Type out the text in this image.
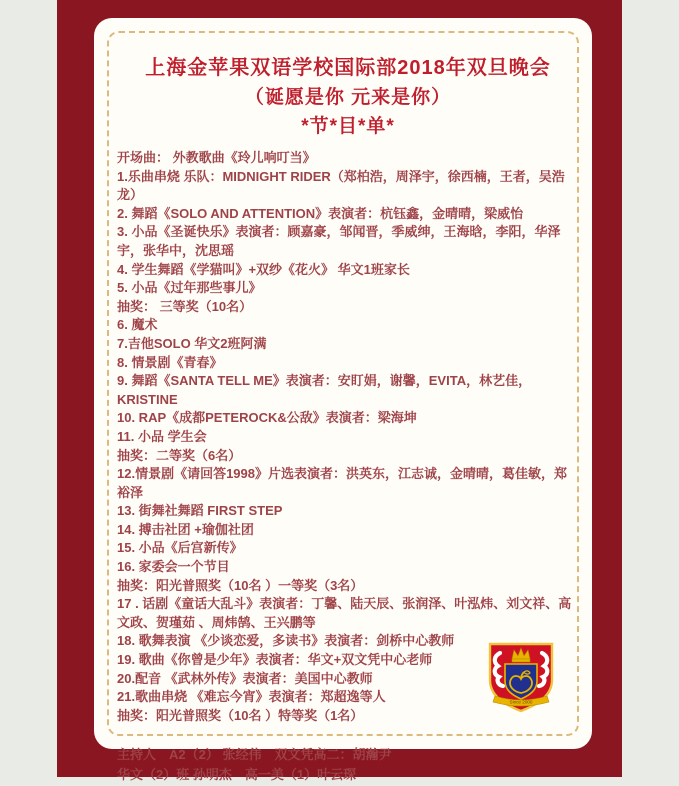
上海金苹果双语学校国际部2018年双旦晚会
（诞愿是你 元来是你）
*节*目*单*
开场曲： 外教歌曲《玲儿响叮当》
1.乐曲串烧 乐队：MIDNIGHT RIDER（郑柏浩，周泽宇，徐西楠，王者，吴浩龙）
2. 舞蹈《SOLO AND ATTENTION》表演者：杭钰鑫，金晴晴，梁威怡
3. 小品《圣诞快乐》表演者：顾嘉豪，邹闻晋，季威绅，王海晗，李阳，华泽宇，张华中，沈思瑶
4. 学生舞蹈《学猫叫》+双纱《花火》 华文1班家长
5. 小品《过年那些事儿》
抽奖： 三等奖（10名）
6. 魔术
7.吉他SOLO 华文2班阿满
8. 情景剧《青春》
9. 舞蹈《SANTA TELL ME》表演者：安盯娟，谢馨，EVITA，林艺佳，KRISTINE
10. RAP《成都PETEROCK&公敌》表演者：梁海坤
11. 小品 学生会
抽奖：二等奖（6名）
12.情景剧《请回答1998》片选表演者：洪英东，江志诚，金晴晴，葛佳敏，郑裕泽
13. 街舞社舞蹈 FIRST STEP
14. 搏击社团 +瑜伽社团
15. 小品《后宫新传》
16. 家委会一个节目
抽奖：阳光普照奖（10名 ）一等奖（3名）
17 . 话剧《童话大乱斗》表演者：丁馨、陆天辰、张润泽、叶泓炜、刘文祥、高文政、贺瑾茹 、周炜鹄、王兴鹏等
18. 歌舞表演 《少谈恋爱，多读书》表演者：剑桥中心教师
19. 歌曲《你曾是少年》表演者：华文+双文凭中心老师
20.配音 《武林外传》表演者：美国中心教师
21.歌曲串烧 《难忘今宵》表演者：郑超逸等人
抽奖：阳光普照奖（10名 ）特等奖（1名）
主持人　A2（2） 张经伟　双文凭高二：胡瀚尹
华文（2）班 孙明杰　高一美（1）叶云琛
Since 2000
